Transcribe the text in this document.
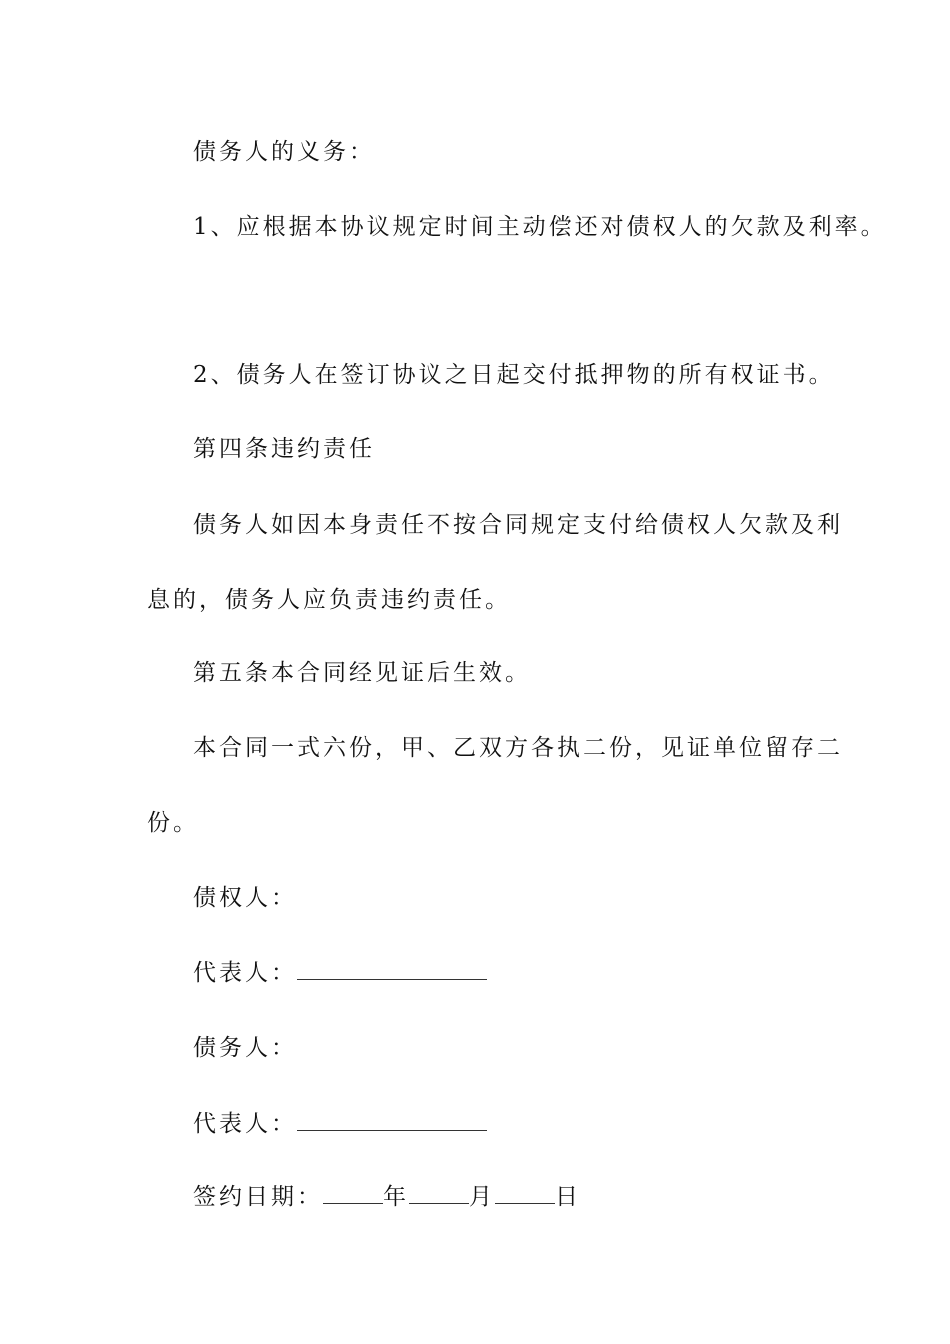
债务人的义务：
1、应根据本协议规定时间主动偿还对债权人的欠款及利率。
2、债务人在签订协议之日起交付抵押物的所有权证书。
第四条违约责任
债务人如因本身责任不按合同规定支付给债权人欠款及利
息的，债务人应负责违约责任。
第五条本合同经见证后生效。
本合同一式六份，甲、乙双方各执二份，见证单位留存二
份。
债权人：
代表人：
债务人：
代表人：
签约日期：	年	月	日
